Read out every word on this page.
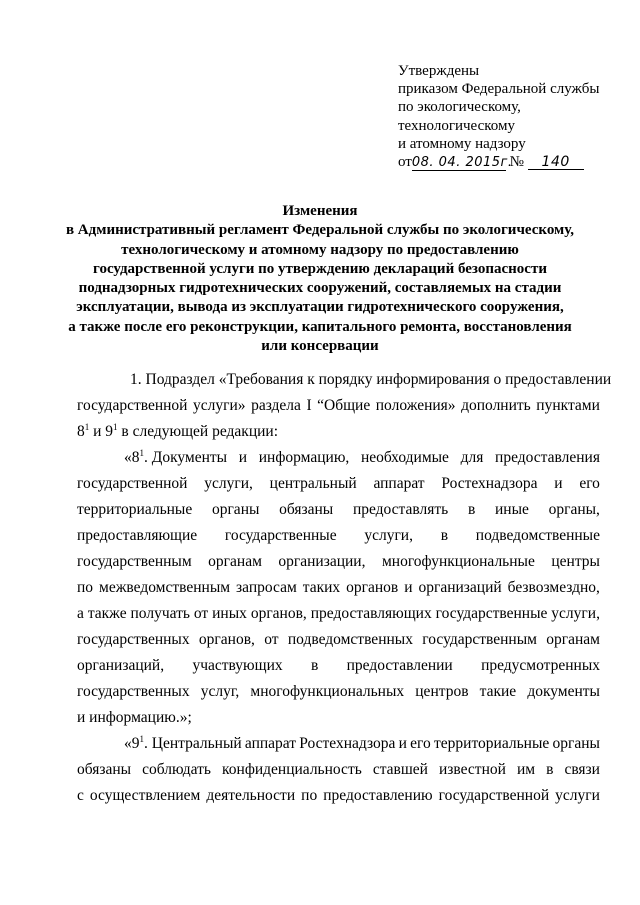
Утверждены
приказом Федеральной службы
по экологическому,
технологическому
и атомному надзору
от08. 04. 2015г. № 140
Изменения
в Административный регламент Федеральной службы по экологическому,
технологическому и атомному надзору по предоставлению
государственной услуги по утверждению деклараций безопасности
поднадзорных гидротехнических сооружений, составляемых на стадии
эксплуатации, вывода из эксплуатации гидротехнического сооружения,
а также после его реконструкции, капитального ремонта, восстановления
или консервации
1. Подраздел «Требования к порядку информирования о предоставлении
государственной услуги» раздела I “Общие положения» дополнить пунктами
$8^1$ и $9^1$ в следующей редакции:
«$8^1$. Документы и информацию, необходимые для предоставления
государственной услуги, центральный аппарат Ростехнадзора и его
территориальные органы обязаны предоставлять в иные органы,
предоставляющие государственные услуги, в подведомственные
государственным органам организации, многофункциональные центры
по межведомственным запросам таких органов и организаций безвозмездно,
а также получать от иных органов, предоставляющих государственные услуги,
государственных органов, от подведомственных государственным органам
организаций, участвующих в предоставлении предусмотренных
государственных услуг, многофункциональных центров такие документы
и информацию.»;
«$9^1$. Центральный аппарат Ростехнадзора и его территориальные органы
обязаны соблюдать конфиденциальность ставшей известной им в связи
с осуществлением деятельности по предоставлению государственной услуги
